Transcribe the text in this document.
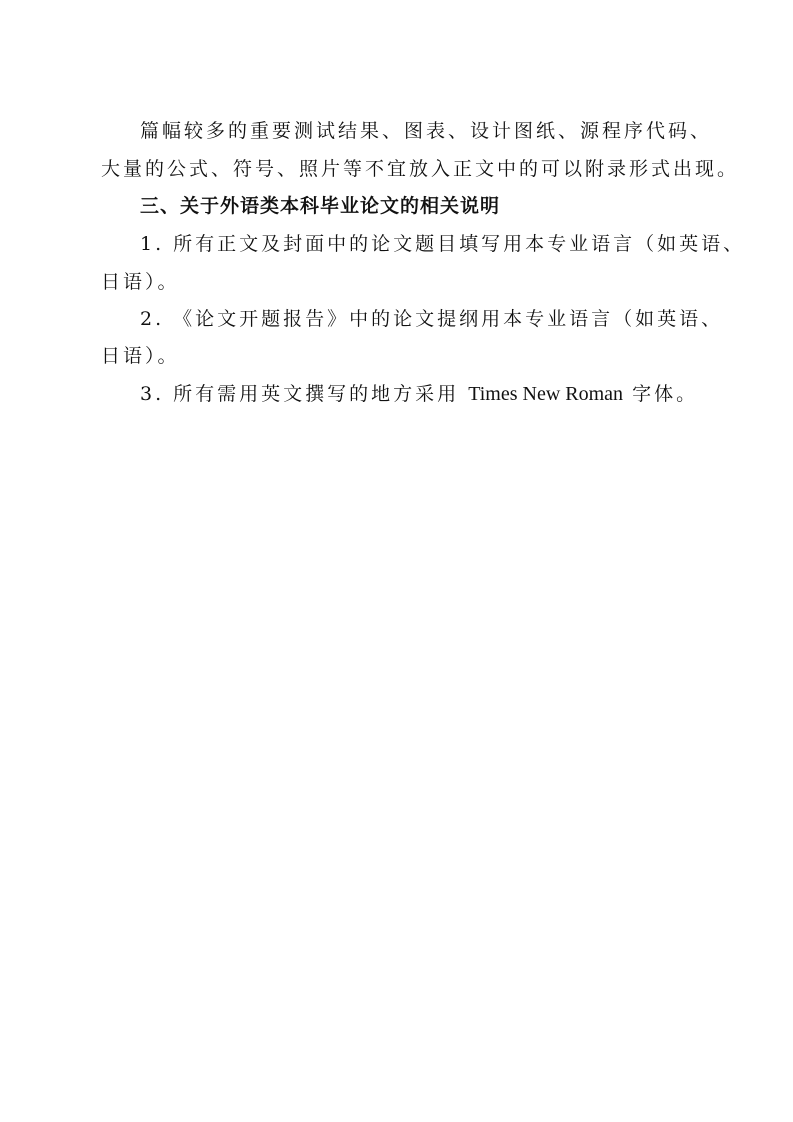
篇幅较多的重要测试结果、图表、设计图纸、源程序代码、
大量的公式、符号、照片等不宜放入正文中的可以附录形式出现。
三、关于外语类本科毕业论文的相关说明
1. 所有正文及封面中的论文题目填写用本专业语言（如英语、
日语）。
2. 《论文开题报告》中的论文提纲用本专业语言（如英语、
日语）。
3. 所有需用英文撰写的地方采用 Times New Roman 字体。
